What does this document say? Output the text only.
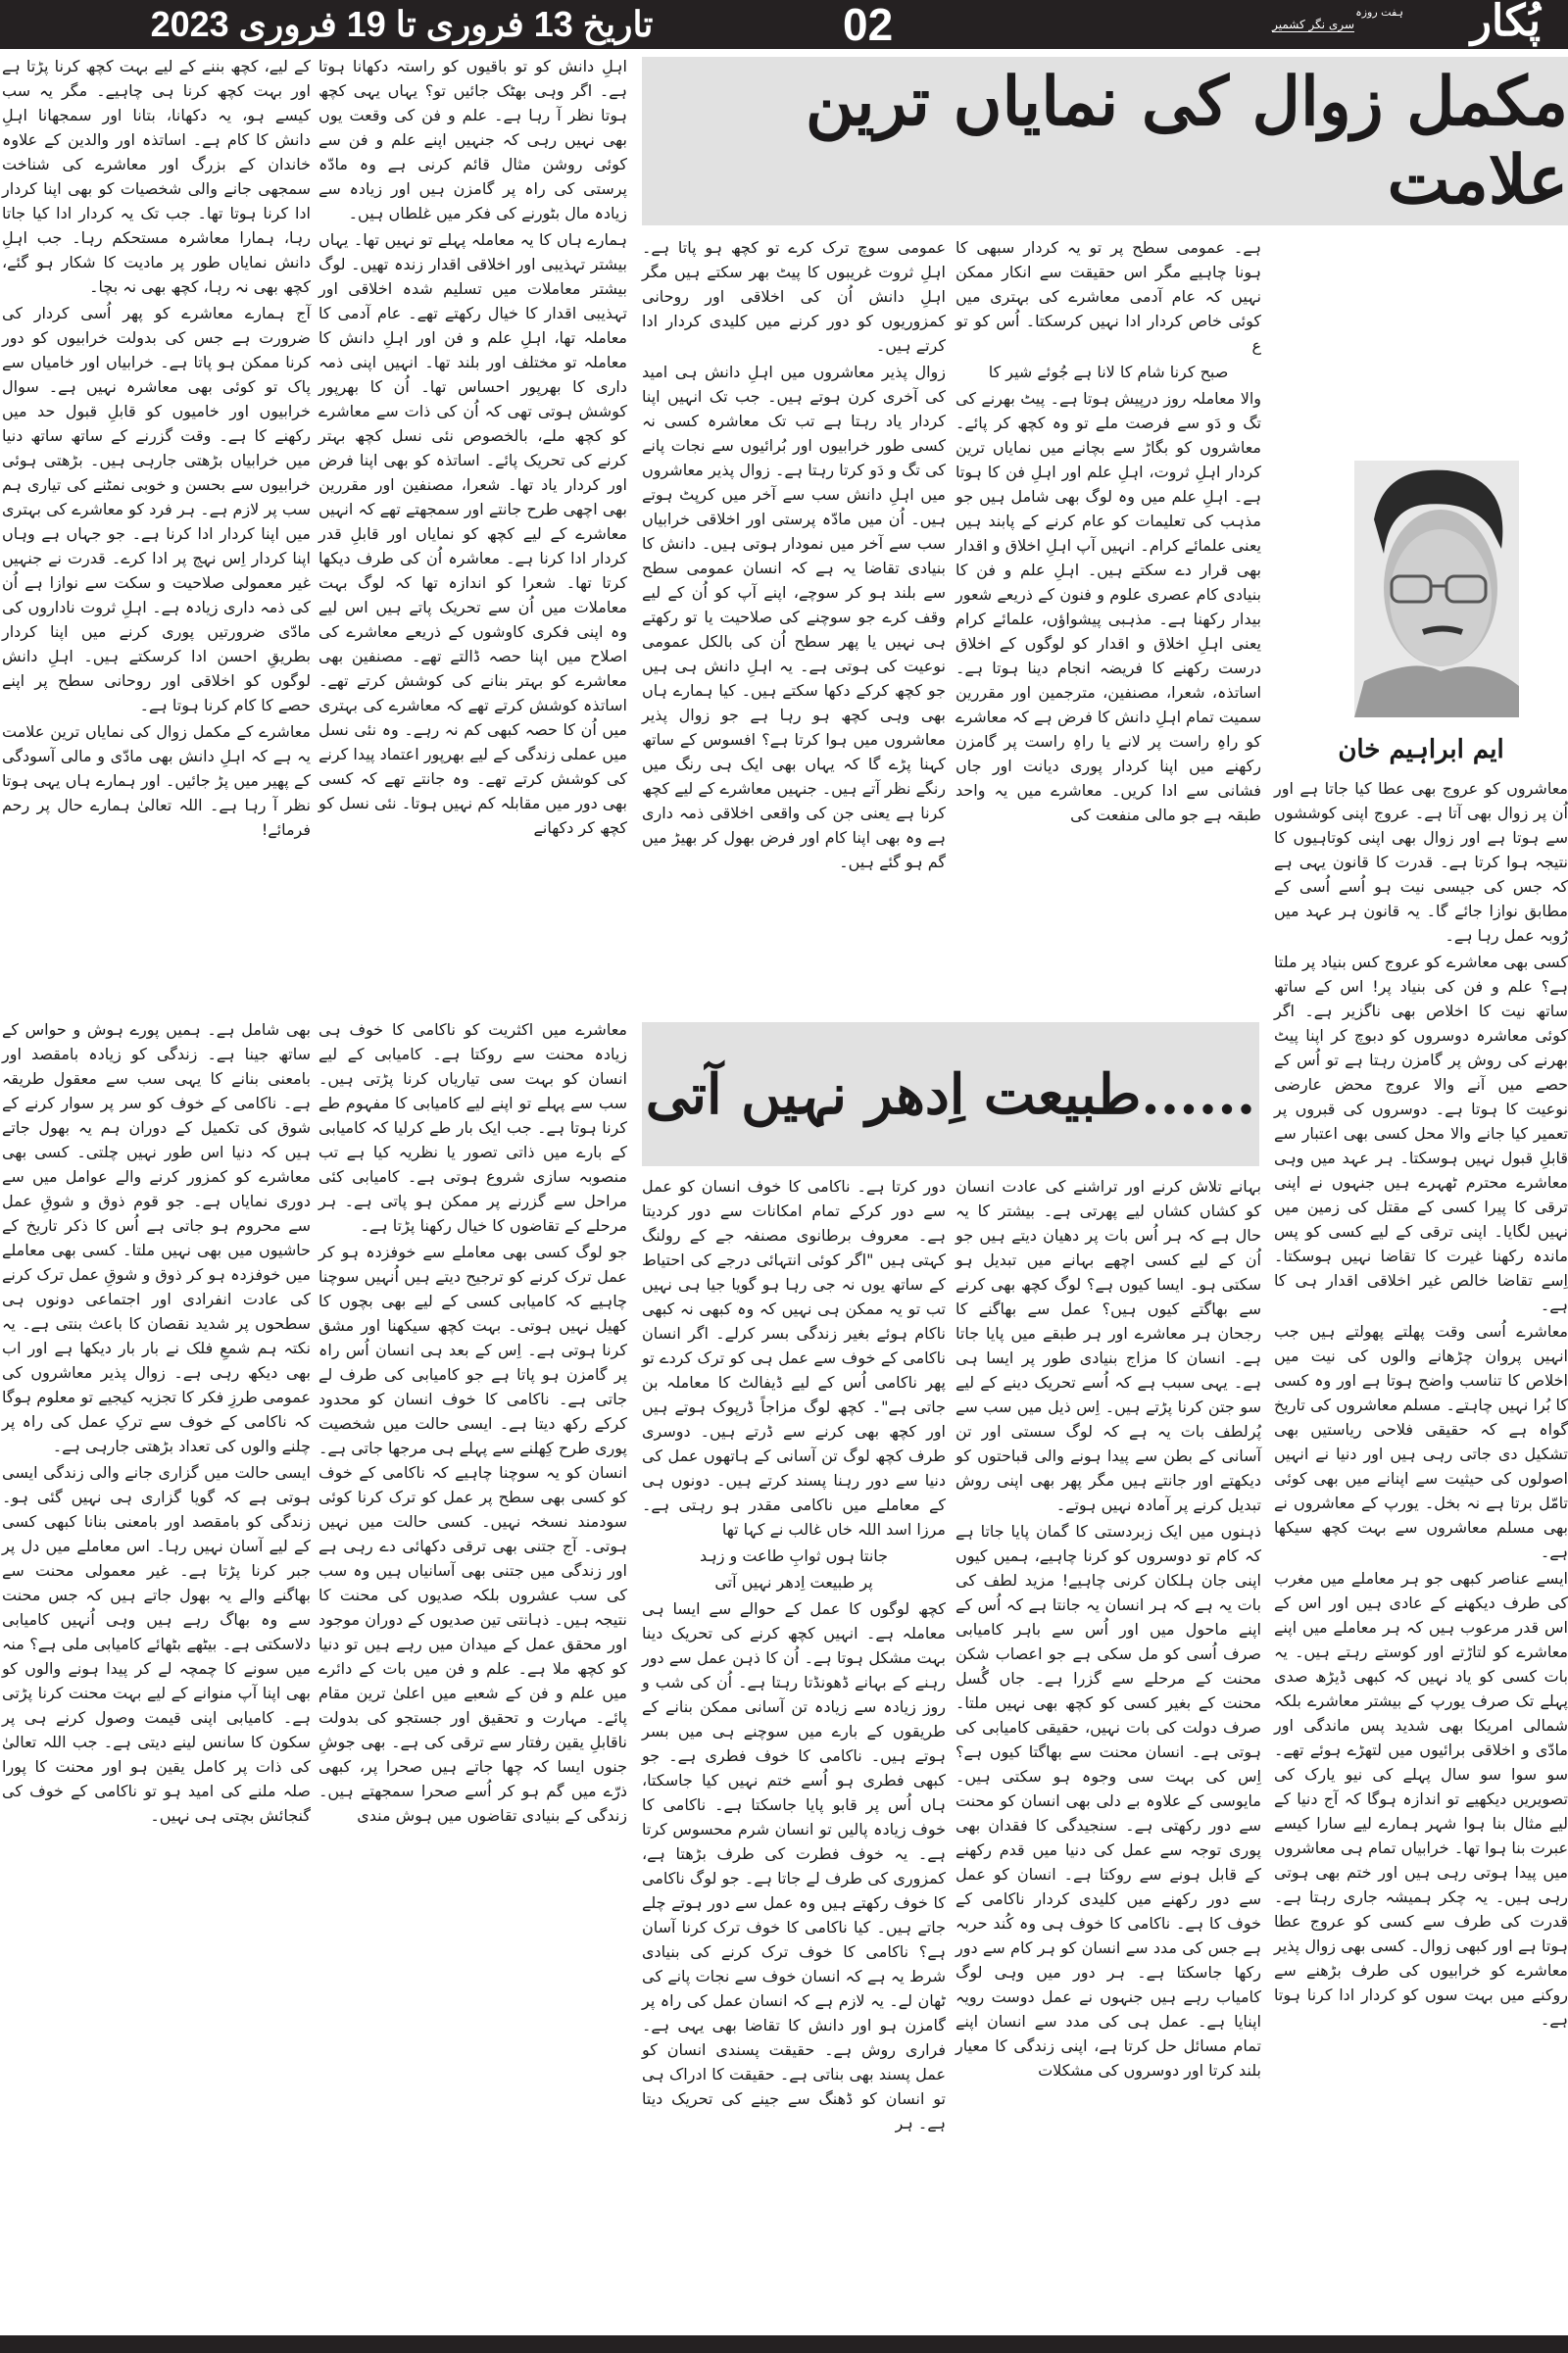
تاریخ 13 فروری تا 19 فروری 2023	02	پُکار
ہفت روزہ
سری نگر کشمیر
مکمل زوال کی نمایاں ترین علامت
ایم ابراہیم خان

معاشروں کو عروج بھی عطا کیا جاتا ہے اور اُن پر زوال بھی آتا ہے۔ عروج اپنی کوششوں سے ہوتا ہے اور زوال بھی اپنی کوتاہیوں کا نتیجہ ہوا کرتا ہے۔ قدرت کا قانون یہی ہے کہ جس کی جیسی نیت ہو اُسے اُسی کے مطابق نوازا جائے گا۔ یہ قانون ہر عہد میں رُوبہ عمل رہا ہے۔

کسی بھی معاشرے کو عروج کس بنیاد پر ملتا ہے؟ علم و فن کی بنیاد پر! اس کے ساتھ ساتھ نیت کا اخلاص بھی ناگزیر ہے۔ اگر کوئی معاشرہ دوسروں کو دبوچ کر اپنا پیٹ بھرنے کی روش پر گامزن رہتا ہے تو اُس کے حصے میں آنے والا عروج محض عارضی نوعیت کا ہوتا ہے۔ دوسروں کی قبروں پر تعمیر کیا جانے والا محل کسی بھی اعتبار سے قابلِ قبول نہیں ہوسکتا۔ ہر عہد میں وہی معاشرے محترم ٹھہرے ہیں جنہوں نے اپنی ترقی کا پیرا کسی کے مقتل کی زمین میں نہیں لگایا۔ اپنی ترقی کے لیے کسی کو پس ماندہ رکھنا غیرت کا تقاضا نہیں ہوسکتا۔ اِسے تقاضا خالص غیر اخلاقی اقدار ہی کا ہے۔

معاشرے اُسی وقت پھلتے پھولتے ہیں جب انہیں پروان چڑھانے والوں کی نیت میں اخلاص کا تناسب واضح ہوتا ہے اور وہ کسی کا بُرا نہیں چاہتے۔ مسلم معاشروں کی تاریخ گواہ ہے کہ حقیقی فلاحی ریاستیں بھی تشکیل دی جاتی رہی ہیں اور دنیا نے انہیں اصولوں کی حیثیت سے اپنانے میں بھی کوئی تامّل برتا ہے نہ بخل۔ یورپ کے معاشروں نے بھی مسلم معاشروں سے بہت کچھ سیکھا ہے۔

ایسے عناصر کبھی جو ہر معاملے میں مغرب کی طرف دیکھنے کے عادی ہیں اور اس کے اس قدر مرعوب ہیں کہ ہر معاملے میں اپنے معاشرے کو لتاڑتے اور کوستے رہتے ہیں۔ یہ بات کسی کو یاد نہیں کہ کبھی ڈیڑھ صدی پہلے تک صرف یورپ کے بیشتر معاشرے بلکہ شمالی امریکا بھی شدید پس ماندگی اور مادّی و اخلاقی برائیوں میں لتھڑے ہوئے تھے۔ سو سوا سو سال پہلے کی نیو یارک کی تصویریں دیکھیے تو اندازہ ہوگا کہ آج دنیا کے لیے مثال بنا ہوا شہر ہمارے لیے سارا کیسے عبرت بنا ہوا تھا۔ خرابیاں تمام ہی معاشروں میں پیدا ہوتی رہی ہیں اور ختم بھی ہوتی رہی ہیں۔ یہ چکر ہمیشہ جاری رہتا ہے۔ قدرت کی طرف سے کسی کو عروج عطا ہوتا ہے اور کبھی زوال۔ کسی بھی زوال پذیر معاشرے کو خرابیوں کی طرف بڑھنے سے روکنے میں بہت سوں کو کردار ادا کرنا ہوتا ہے۔

ہے۔ عمومی سطح پر تو یہ کردار سبھی کا ہونا چاہیے مگر اس حقیقت سے انکار ممکن نہیں کہ عام آدمی معاشرے کی بہتری میں کوئی خاص کردار ادا نہیں کرسکتا۔ اُس کو تو ع

صبح کرنا شام کا لانا ہے جُوئے شیر کا

والا معاملہ روز درپیش ہوتا ہے۔ پیٹ بھرنے کی تگ و دَو سے فرصت ملے تو وہ کچھ کر پائے۔ معاشروں کو بگاڑ سے بچانے میں نمایاں ترین کردار اہلِ ثروت، اہلِ علم اور اہلِ فن کا ہوتا ہے۔ اہلِ علم میں وہ لوگ بھی شامل ہیں جو مذہب کی تعلیمات کو عام کرنے کے پابند ہیں یعنی علمائے کرام۔ انہیں آپ اہلِ اخلاق و اقدار بھی قرار دے سکتے ہیں۔ اہلِ علم و فن کا بنیادی کام عصری علوم و فنون کے ذریعے شعور بیدار رکھنا ہے۔ مذہبی پیشواؤں، علمائے کرام یعنی اہلِ اخلاق و اقدار کو لوگوں کے اخلاق درست رکھنے کا فریضہ انجام دینا ہوتا ہے۔ اساتذہ، شعرا، مصنفین، مترجمین اور مقررین سمیت تمام اہلِ دانش کا فرض ہے کہ معاشرے کو راہِ راست پر لانے یا راہِ راست پر گامزن رکھنے میں اپنا کردار پوری دیانت اور جاں فشانی سے ادا کریں۔ معاشرے میں یہ واحد طبقہ ہے جو مالی منفعت کی

عمومی سوچ ترک کرے تو کچھ ہو پاتا ہے۔ اہلِ ثروت غریبوں کا پیٹ بھر سکتے ہیں مگر اہلِ دانش اُن کی اخلاقی اور روحانی کمزوریوں کو دور کرنے میں کلیدی کردار ادا کرتے ہیں۔

زوال پذیر معاشروں میں اہلِ دانش ہی امید کی آخری کرن ہوتے ہیں۔ جب تک انہیں اپنا کردار یاد رہتا ہے تب تک معاشرہ کسی نہ کسی طور خرابیوں اور بُرائیوں سے نجات پانے کی تگ و دَو کرتا رہتا ہے۔ زوال پذیر معاشروں میں اہلِ دانش سب سے آخر میں کرپٹ ہوتے ہیں۔ اُن میں مادّہ پرستی اور اخلاقی خرابیاں سب سے آخر میں نمودار ہوتی ہیں۔ دانش کا بنیادی تقاضا یہ ہے کہ انسان عمومی سطح سے بلند ہو کر سوچے، اپنے آپ کو اُن کے لیے وقف کرے جو سوچنے کی صلاحیت یا تو رکھتے ہی نہیں یا پھر سطح اُن کی بالکل عمومی نوعیت کی ہوتی ہے۔ یہ اہلِ دانش ہی ہیں جو کچھ کرکے دکھا سکتے ہیں۔ کیا ہمارے ہاں بھی وہی کچھ ہو رہا ہے جو زوال پذیر معاشروں میں ہوا کرتا ہے؟ افسوس کے ساتھ کہنا پڑے گا کہ یہاں بھی ایک ہی رنگ میں رنگے نظر آتے ہیں۔ جنہیں معاشرے کے لیے کچھ کرنا ہے یعنی جن کی واقعی اخلاقی ذمہ داری ہے وہ بھی اپنا کام اور فرض بھول کر بھیڑ میں گم ہو گئے ہیں۔

اہلِ دانش کو تو باقیوں کو راستہ دکھانا ہوتا ہے۔ اگر وہی بھٹک جائیں تو؟ یہاں یہی کچھ ہوتا نظر آ رہا ہے۔ علم و فن کی وقعت یوں بھی نہیں رہی کہ جنہیں اپنے علم و فن سے کوئی روشن مثال قائم کرنی ہے وہ مادّہ پرستی کی راہ پر گامزن ہیں اور زیادہ سے زیادہ مال بٹورنے کی فکر میں غلطاں ہیں۔

ہمارے ہاں کا یہ معاملہ پہلے تو نہیں تھا۔ یہاں بیشتر تہذیبی اور اخلاقی اقدار زندہ تھیں۔ لوگ بیشتر معاملات میں تسلیم شدہ اخلاقی اور تہذیبی اقدار کا خیال رکھتے تھے۔ عام آدمی کا معاملہ تھا، اہلِ علم و فن اور اہلِ دانش کا معاملہ تو مختلف اور بلند تھا۔ انہیں اپنی ذمہ داری کا بھرپور احساس تھا۔ اُن کا بھرپور کوشش ہوتی تھی کہ اُن کی ذات سے معاشرے کو کچھ ملے، بالخصوص نئی نسل کچھ بہتر کرنے کی تحریک پائے۔ اساتذہ کو بھی اپنا فرض اور کردار یاد تھا۔ شعرا، مصنفین اور مقررین بھی اچھی طرح جانتے اور سمجھتے تھے کہ انہیں معاشرے کے لیے کچھ کو نمایاں اور قابلِ قدر کردار ادا کرنا ہے۔ معاشرہ اُن کی طرف دیکھا کرتا تھا۔ شعرا کو اندازہ تھا کہ لوگ بہت معاملات میں اُن سے تحریک پاتے ہیں اس لیے وہ اپنی فکری کاوشوں کے ذریعے معاشرے کی اصلاح میں اپنا حصہ ڈالتے تھے۔ مصنفین بھی معاشرے کو بہتر بنانے کی کوشش کرتے تھے۔ اساتذہ کوشش کرتے تھے کہ معاشرے کی بہتری میں اُن کا حصہ کبھی کم نہ رہے۔ وہ نئی نسل میں عملی زندگی کے لیے بھرپور اعتماد پیدا کرنے کی کوشش کرتے تھے۔ وہ جانتے تھے کہ کسی بھی دور میں مقابلہ کم نہیں ہوتا۔ نئی نسل کو کچھ کر دکھانے

کے لیے، کچھ بننے کے لیے بہت کچھ کرنا پڑتا ہے اور بہت کچھ کرنا ہی چاہیے۔ مگر یہ سب کیسے ہو، یہ دکھانا، بتانا اور سمجھانا اہلِ دانش کا کام ہے۔ اساتذہ اور والدین کے علاوہ خاندان کے بزرگ اور معاشرے کی شناخت سمجھی جانے والی شخصیات کو بھی اپنا کردار ادا کرنا ہوتا تھا۔ جب تک یہ کردار ادا کیا جاتا رہا، ہمارا معاشرہ مستحکم رہا۔ جب اہلِ دانش نمایاں طور پر مادیت کا شکار ہو گئے، کچھ بھی نہ رہا، کچھ بھی نہ بچا۔

آج ہمارے معاشرے کو پھر اُسی کردار کی ضرورت ہے جس کی بدولت خرابیوں کو دور کرنا ممکن ہو پاتا ہے۔ خرابیاں اور خامیاں سے پاک تو کوئی بھی معاشرہ نہیں ہے۔ سوال خرابیوں اور خامیوں کو قابلِ قبول حد میں رکھنے کا ہے۔ وقت گزرنے کے ساتھ ساتھ دنیا میں خرابیاں بڑھتی جارہی ہیں۔ بڑھتی ہوئی خرابیوں سے بحسن و خوبی نمٹنے کی تیاری ہم سب پر لازم ہے۔ ہر فرد کو معاشرے کی بہتری میں اپنا کردار ادا کرنا ہے۔ جو جہاں ہے وہاں اپنا کردار اِس نہج پر ادا کرے۔ قدرت نے جنہیں غیر معمولی صلاحیت و سکت سے نوازا ہے اُن کی ذمہ داری زیادہ ہے۔ اہلِ ثروت ناداروں کی مادّی ضرورتیں پوری کرنے میں اپنا کردار بطریقِ احسن ادا کرسکتے ہیں۔ اہلِ دانش لوگوں کو اخلاقی اور روحانی سطح پر اپنے حصے کا کام کرنا ہوتا ہے۔

معاشرے کے مکمل زوال کی نمایاں ترین علامت یہ ہے کہ اہلِ دانش بھی مادّی و مالی آسودگی کے پھیر میں پڑ جائیں۔ اور ہمارے ہاں یہی ہوتا نظر آ رہا ہے۔ اللہ تعالیٰ ہمارے حال پر رحم فرمائے!

......طبیعت اِدھر نہیں آتی

بہانے تلاش کرنے اور تراشنے کی عادت انسان کو کشاں کشاں لیے پھرتی ہے۔ بیشتر کا یہ حال ہے کہ ہر اُس بات پر دھیان دیتے ہیں جو اُن کے لیے کسی اچھے بہانے میں تبدیل ہو سکتی ہو۔ ایسا کیوں ہے؟ لوگ کچھ بھی کرنے سے بھاگتے کیوں ہیں؟ عمل سے بھاگنے کا رجحان ہر معاشرے اور ہر طبقے میں پایا جاتا ہے۔ انسان کا مزاج بنیادی طور پر ایسا ہی ہے۔ یہی سبب ہے کہ اُسے تحریک دینے کے لیے سو جتن کرنا پڑتے ہیں۔ اِس ذیل میں سب سے پُرلطف بات یہ ہے کہ لوگ سستی اور تن آسانی کے بطن سے پیدا ہونے والی قباحتوں کو دیکھتے اور جانتے ہیں مگر پھر بھی اپنی روش تبدیل کرنے پر آمادہ نہیں ہوتے۔

ذہنوں میں ایک زبردستی کا گمان پایا جاتا ہے کہ کام تو دوسروں کو کرنا چاہیے، ہمیں کیوں اپنی جان ہلکان کرنی چاہیے! مزید لطف کی بات یہ ہے کہ ہر انسان یہ جانتا ہے کہ اُس کے اپنے ماحول میں اور اُس سے باہر کامیابی صرف اُسی کو مل سکی ہے جو اعصاب شکن محنت کے مرحلے سے گزرا ہے۔ جاں گُسل محنت کے بغیر کسی کو کچھ بھی نہیں ملتا۔ صرف دولت کی بات نہیں، حقیقی کامیابی کی ہوتی ہے۔ انسان محنت سے بھاگتا کیوں ہے؟ اِس کی بہت سی وجوہ ہو سکتی ہیں۔ مایوسی کے علاوہ بے دلی بھی انسان کو محنت سے دور رکھتی ہے۔ سنجیدگی کا فقدان بھی پوری توجہ سے عمل کی دنیا میں قدم رکھنے کے قابل ہونے سے روکتا ہے۔ انسان کو عمل سے دور رکھنے میں کلیدی کردار ناکامی کے خوف کا ہے۔ ناکامی کا خوف ہی وہ کُند حربہ ہے جس کی مدد سے انسان کو ہر کام سے دور رکھا جاسکتا ہے۔ ہر دور میں وہی لوگ کامیاب رہے ہیں جنہوں نے عمل دوست رویہ اپنایا ہے۔ عمل ہی کی مدد سے انسان اپنے تمام مسائل حل کرتا ہے، اپنی زندگی کا معیار بلند کرتا اور دوسروں کی مشکلات

دور کرتا ہے۔ ناکامی کا خوف انسان کو عمل سے دور کرکے تمام امکانات سے دور کردیتا ہے۔ معروف برطانوی مصنفہ جے کے رولنگ کہتی ہیں "اگر کوئی انتہائی درجے کی احتیاط کے ساتھ یوں نہ جی رہا ہو گویا جیا ہی نہیں تب تو یہ ممکن ہی نہیں کہ وہ کبھی نہ کبھی ناکام ہوئے بغیر زندگی بسر کرلے۔ اگر انسان ناکامی کے خوف سے عمل ہی کو ترک کردے تو پھر ناکامی اُس کے لیے ڈیفالٹ کا معاملہ بن جاتی ہے"۔ کچھ لوگ مزاجاً ڈرپوک ہوتے ہیں اور کچھ بھی کرنے سے ڈرتے ہیں۔ دوسری طرف کچھ لوگ تن آسانی کے ہاتھوں عمل کی دنیا سے دور رہنا پسند کرتے ہیں۔ دونوں ہی کے معاملے میں ناکامی مقدر ہو رہتی ہے۔ مرزا اسد اللہ خاں غالب نے کہا تھا

جانتا ہوں ثوابِ طاعت و زہد

پر طبیعت اِدھر نہیں آتی

کچھ لوگوں کا عمل کے حوالے سے ایسا ہی معاملہ ہے۔ انہیں کچھ کرنے کی تحریک دینا بہت مشکل ہوتا ہے۔ اُن کا ذہن عمل سے دور رہنے کے بہانے ڈھونڈتا رہتا ہے۔ اُن کی شب و روز زیادہ سے زیادہ تن آسانی ممکن بنانے کے طریقوں کے بارے میں سوچنے ہی میں بسر ہوتے ہیں۔ ناکامی کا خوف فطری ہے۔ جو کبھی فطری ہو اُسے ختم نہیں کیا جاسکتا، ہاں اُس پر قابو پایا جاسکتا ہے۔ ناکامی کا خوف زیادہ پالیں تو انسان شرم محسوس کرتا ہے۔ یہ خوف فطرت کی طرف بڑھتا ہے، کمزوری کی طرف لے جاتا ہے۔ جو لوگ ناکامی کا خوف رکھتے ہیں وہ عمل سے دور ہوتے چلے جاتے ہیں۔ کیا ناکامی کا خوف ترک کرنا آسان ہے؟ ناکامی کا خوف ترک کرنے کی بنیادی شرط یہ ہے کہ انسان خوف سے نجات پانے کی ٹھان لے۔ یہ لازم ہے کہ انسان عمل کی راہ پر گامزن ہو اور دانش کا تقاضا بھی یہی ہے۔ فراری روش ہے۔ حقیقت پسندی انسان کو عمل پسند بھی بناتی ہے۔ حقیقت کا ادراک ہی تو انسان کو ڈھنگ سے جینے کی تحریک دیتا ہے۔ ہر

معاشرے میں اکثریت کو ناکامی کا خوف ہی زیادہ محنت سے روکتا ہے۔ کامیابی کے لیے انسان کو بہت سی تیاریاں کرنا پڑتی ہیں۔ سب سے پہلے تو اپنے لیے کامیابی کا مفہوم طے کرنا ہوتا ہے۔ جب ایک بار طے کرلیا کہ کامیابی کے بارے میں ذاتی تصور یا نظریہ کیا ہے تب منصوبہ سازی شروع ہوتی ہے۔ کامیابی کئی مراحل سے گزرنے پر ممکن ہو پاتی ہے۔ ہر مرحلے کے تقاضوں کا خیال رکھنا پڑتا ہے۔

جو لوگ کسی بھی معاملے سے خوفزدہ ہو کر عمل ترک کرنے کو ترجیح دیتے ہیں اُنہیں سوچنا چاہیے کہ کامیابی کسی کے لیے بھی بچوں کا کھیل نہیں ہوتی۔ بہت کچھ سیکھنا اور مشق کرنا ہوتی ہے۔ اِس کے بعد ہی انسان اُس راہ پر گامزن ہو پاتا ہے جو کامیابی کی طرف لے جاتی ہے۔ ناکامی کا خوف انسان کو محدود کرکے رکھ دیتا ہے۔ ایسی حالت میں شخصیت پوری طرح کِھلنے سے پہلے ہی مرجھا جاتی ہے۔ انسان کو یہ سوچنا چاہیے کہ ناکامی کے خوف کو کسی بھی سطح پر عمل کو ترک کرنا کوئی سودمند نسخہ نہیں۔ کسی حالت میں نہیں ہوتی۔ آج جتنی بھی ترقی دکھائی دے رہی ہے اور زندگی میں جتنی بھی آسانیاں ہیں وہ سب کی سب عشروں بلکہ صدیوں کی محنت کا نتیجہ ہیں۔ ذہانتی تین صدیوں کے دوران موجود اور محقق عمل کے میدان میں رہے ہیں تو دنیا کو کچھ ملا ہے۔ علم و فن میں بات کے دائرے میں علم و فن کے شعبے میں اعلیٰ ترین مقام پائے۔ مہارت و تحقیق اور جستجو کی بدولت ناقابلِ یقین رفتار سے ترقی کی ہے۔ بھی جوشِ جنوں ایسا کہ چھا جاتے ہیں صحرا پر، کبھی ذرّے میں گم ہو کر اُسے صحرا سمجھتے ہیں۔ زندگی کے بنیادی تقاضوں میں ہوش مندی

بھی شامل ہے۔ ہمیں پورے ہوش و حواس کے ساتھ جینا ہے۔ زندگی کو زیادہ بامقصد اور بامعنی بنانے کا یہی سب سے معقول طریقہ ہے۔ ناکامی کے خوف کو سر پر سوار کرنے کے شوق کی تکمیل کے دوران ہم یہ بھول جاتے ہیں کہ دنیا اس طور نہیں چلتی۔ کسی بھی معاشرے کو کمزور کرنے والے عوامل میں سے دوری نمایاں ہے۔ جو قوم ذوق و شوقِ عمل سے محروم ہو جاتی ہے اُس کا ذکر تاریخ کے حاشیوں میں بھی نہیں ملتا۔ کسی بھی معاملے میں خوفزدہ ہو کر ذوق و شوقِ عمل ترک کرنے کی عادت انفرادی اور اجتماعی دونوں ہی سطحوں پر شدید نقصان کا باعث بنتی ہے۔ یہ نکتہ ہم شمعِ فلک نے بار بار دیکھا ہے اور اب بھی دیکھ رہی ہے۔ زوال پذیر معاشروں کی عمومی طرزِ فکر کا تجزیہ کیجیے تو معلوم ہوگا کہ ناکامی کے خوف سے ترکِ عمل کی راہ پر چلنے والوں کی تعداد بڑھتی جارہی ہے۔

ایسی حالت میں گزاری جانے والی زندگی ایسی ہوتی ہے کہ گویا گزاری ہی نہیں گئی ہو۔ زندگی کو بامقصد اور بامعنی بنانا کبھی کسی کے لیے آسان نہیں رہا۔ اس معاملے میں دل پر جبر کرنا پڑتا ہے۔ غیر معمولی محنت سے بھاگنے والے یہ بھول جاتے ہیں کہ جس محنت سے وہ بھاگ رہے ہیں وہی اُنہیں کامیابی دلاسکتی ہے۔ بیٹھے بٹھائے کامیابی ملی ہے؟ منہ میں سونے کا چمچہ لے کر پیدا ہونے والوں کو بھی اپنا آپ منوانے کے لیے بہت محنت کرنا پڑتی ہے۔ کامیابی اپنی قیمت وصول کرنے ہی پر سکون کا سانس لینے دیتی ہے۔ جب اللہ تعالیٰ کی ذات پر کامل یقین ہو اور محنت کا پورا صلہ ملنے کی امید ہو تو ناکامی کے خوف کی گنجائش بچتی ہی نہیں۔
